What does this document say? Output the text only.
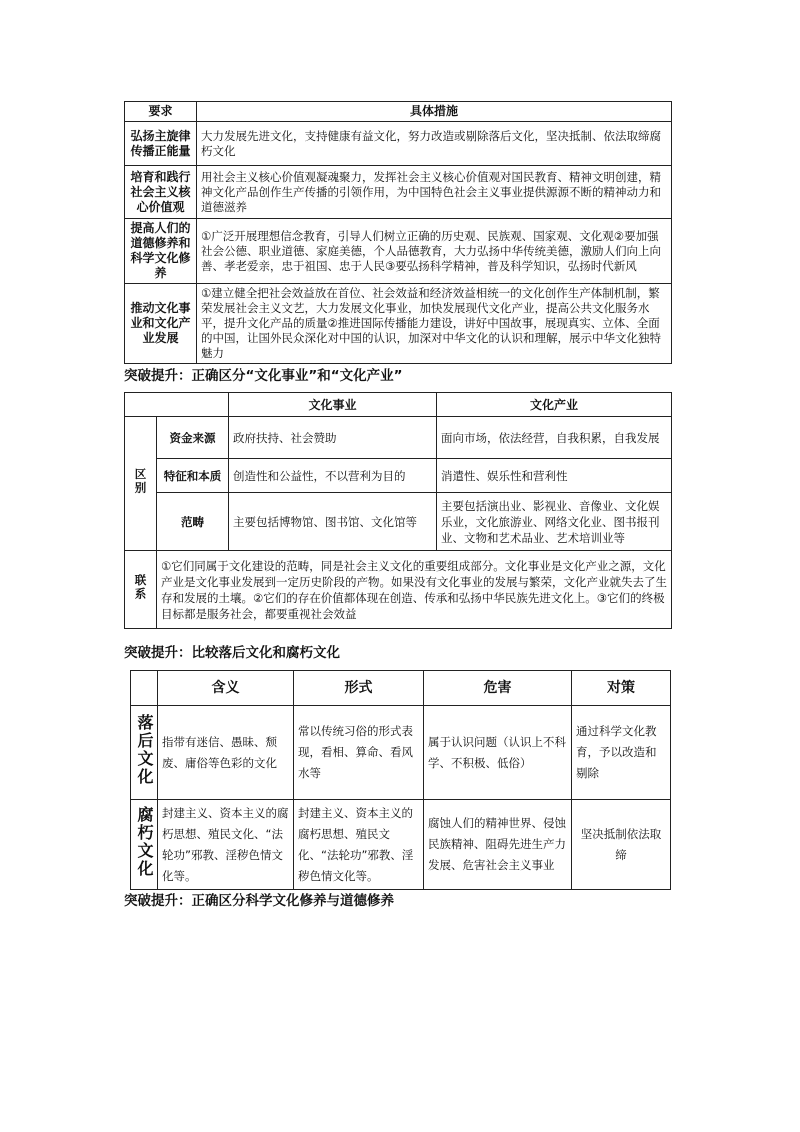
要求	具体措施
弘扬主旋律传播正能量	大力发展先进文化，支持健康有益文化，努力改造或剔除落后文化，坚决抵制、依法取缔腐朽文化
培育和践行社会主义核心价值观	用社会主义核心价值观凝魂聚力，发挥社会主义核心价值观对国民教育、精神文明创建，精神文化产品创作生产传播的引领作用，为中国特色社会主义事业提供源源不断的精神动力和道德滋养
提高人们的道德修养和科学文化修养	①广泛开展理想信念教育，引导人们树立正确的历史观、民族观、国家观、文化观②要加强社会公德、职业道德、家庭美德，个人品德教育，大力弘扬中华传统美德，激励人们向上向善、孝老爱亲，忠于祖国、忠于人民③要弘扬科学精神，普及科学知识，弘扬时代新风
推动文化事业和文化产业发展	①建立健全把社会效益放在首位、社会效益和经济效益相统一的文化创作生产体制机制，繁荣发展社会主义文艺，大力发展文化事业，加快发展现代文化产业，提高公共文化服务水平，提升文化产品的质量②推进国际传播能力建设，讲好中国故事，展现真实、立体、全面的中国，让国外民众深化对中国的认识，加深对中华文化的认识和理解，展示中华文化独特魅力

突破提升：正确区分“文化事业”和“文化产业”

		文化事业	文化产业
区别	资金来源	政府扶持、社会赞助	面向市场，依法经营，自我积累，自我发展
	特征和本质	创造性和公益性，不以营利为目的	消遣性、娱乐性和营利性
	范畴	主要包括博物馆、图书馆、文化馆等	主要包括演出业、影视业、音像业、文化娱乐业，文化旅游业、网络文化业、图书报刊业、文物和艺术品业、艺术培训业等
联系	①它们同属于文化建设的范畴，同是社会主义文化的重要组成部分。文化事业是文化产业之源，文化产业是文化事业发展到一定历史阶段的产物。如果没有文化事业的发展与繁荣，文化产业就失去了生存和发展的土壤。②它们的存在价值都体现在创造、传承和弘扬中华民族先进文化上。③它们的终极目标都是服务社会，都要重视社会效益		

突破提升：比较落后文化和腐朽文化

	含义	形式	危害	对策
落后文化	指带有迷信、愚昧、颓废、庸俗等色彩的文化	常以传统习俗的形式表现，看相、算命、看风水等	属于认识问题（认识上不科学、不积极、低俗）	通过科学文化教育，予以改造和剔除
腐朽文化	封建主义、资本主义的腐朽思想、殖民文化、“法轮功”邪教、淫秽色情文化等。	封建主义、资本主义的腐朽思想、殖民文化、“法轮功”邪教、淫秽色情文化等。	腐蚀人们的精神世界、侵蚀民族精神、阻碍先进生产力发展、危害社会主义事业	坚决抵制依法取缔

突破提升：正确区分科学文化修养与道德修养
